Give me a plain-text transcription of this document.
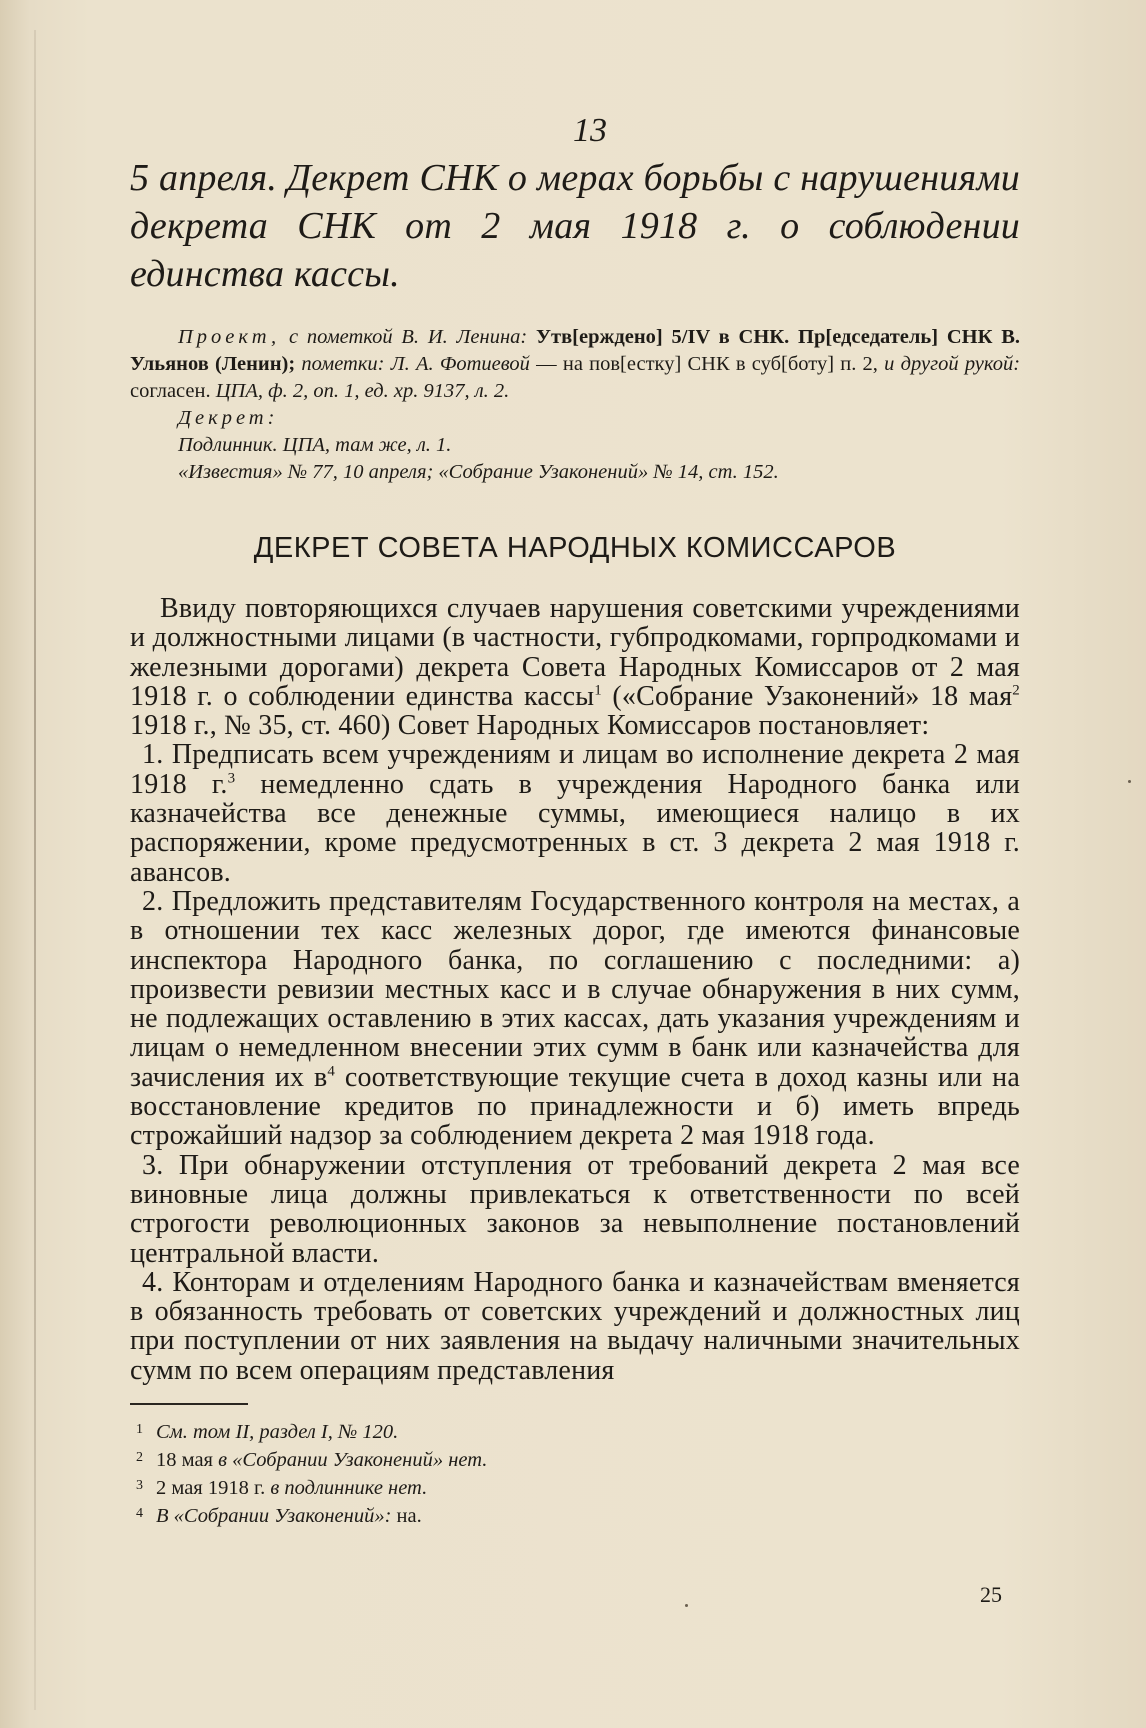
13

5 апреля. Декрет СНК о мерах борьбы с нарушениями декрета СНК от 2 мая 1918 г. о соблюдении единства кассы.

Проект, с пометкой В. И. Ленина: Утв[ерждено] 5/IV в СНК. Пр[едседатель] СНК В. Ульянов (Ленин); пометки: Л. А. Фотиевой — на пов[естку] СНК в суб[боту] п. 2, и другой рукой: согласен. ЦПА, ф. 2, оп. 1, ед. хр. 9137, л. 2.

Декрет:

Подлинник. ЦПА, там же, л. 1.

«Известия» № 77, 10 апреля; «Собрание Узаконений» № 14, ст. 152.

ДЕКРЕТ СОВЕТА НАРОДНЫХ КОМИССАРОВ

Ввиду повторяющихся случаев нарушения советскими учреждениями и должностными лицами (в частности, губпродкомами, горпродкомами и железными дорогами) декрета Совета Народных Комиссаров от 2 мая 1918 г. о соблюдении единства кассы$^1$ («Собрание Узаконений» 18 мая$^2$ 1918 г., № 35, ст. 460) Совет Народных Комиссаров постановляет:

1. Предписать всем учреждениям и лицам во исполнение декрета 2 мая 1918 г.$^3$ немедленно сдать в учреждения Народного банка или казначейства все денежные суммы, имеющиеся налицо в их распоряжении, кроме предусмотренных в ст. 3 декрета 2 мая 1918 г. авансов.

2. Предложить представителям Государственного контроля на местах, а в отношении тех касс железных дорог, где имеются финансовые инспектора Народного банка, по соглашению с последними: а) произвести ревизии местных касс и в случае обнаружения в них сумм, не подлежащих оставлению в этих кассах, дать указания учреждениям и лицам о немедленном внесении этих сумм в банк или казначейства для зачисления их $в^4$ соответствующие текущие счета в доход казны или на восстановление кредитов по принадлежности и б) иметь впредь строжайший надзор за соблюдением декрета 2 мая 1918 года.

3. При обнаружении отступления от требований декрета 2 мая все виновные лица должны привлекаться к ответственности по всей строгости революционных законов за невыполнение постановлений центральной власти.

4. Конторам и отделениям Народного банка и казначействам вменяется в обязанность требовать от советских учреждений и должностных лиц при поступлении от них заявления на выдачу наличными значительных сумм по всем операциям представления

1 См. том II, раздел I, № 120.

2 18 мая в «Собрании Узаконений» нет.

3 2 мая 1918 г. в подлиннике нет.

4 В «Собрании Узаконений»: на.

25
